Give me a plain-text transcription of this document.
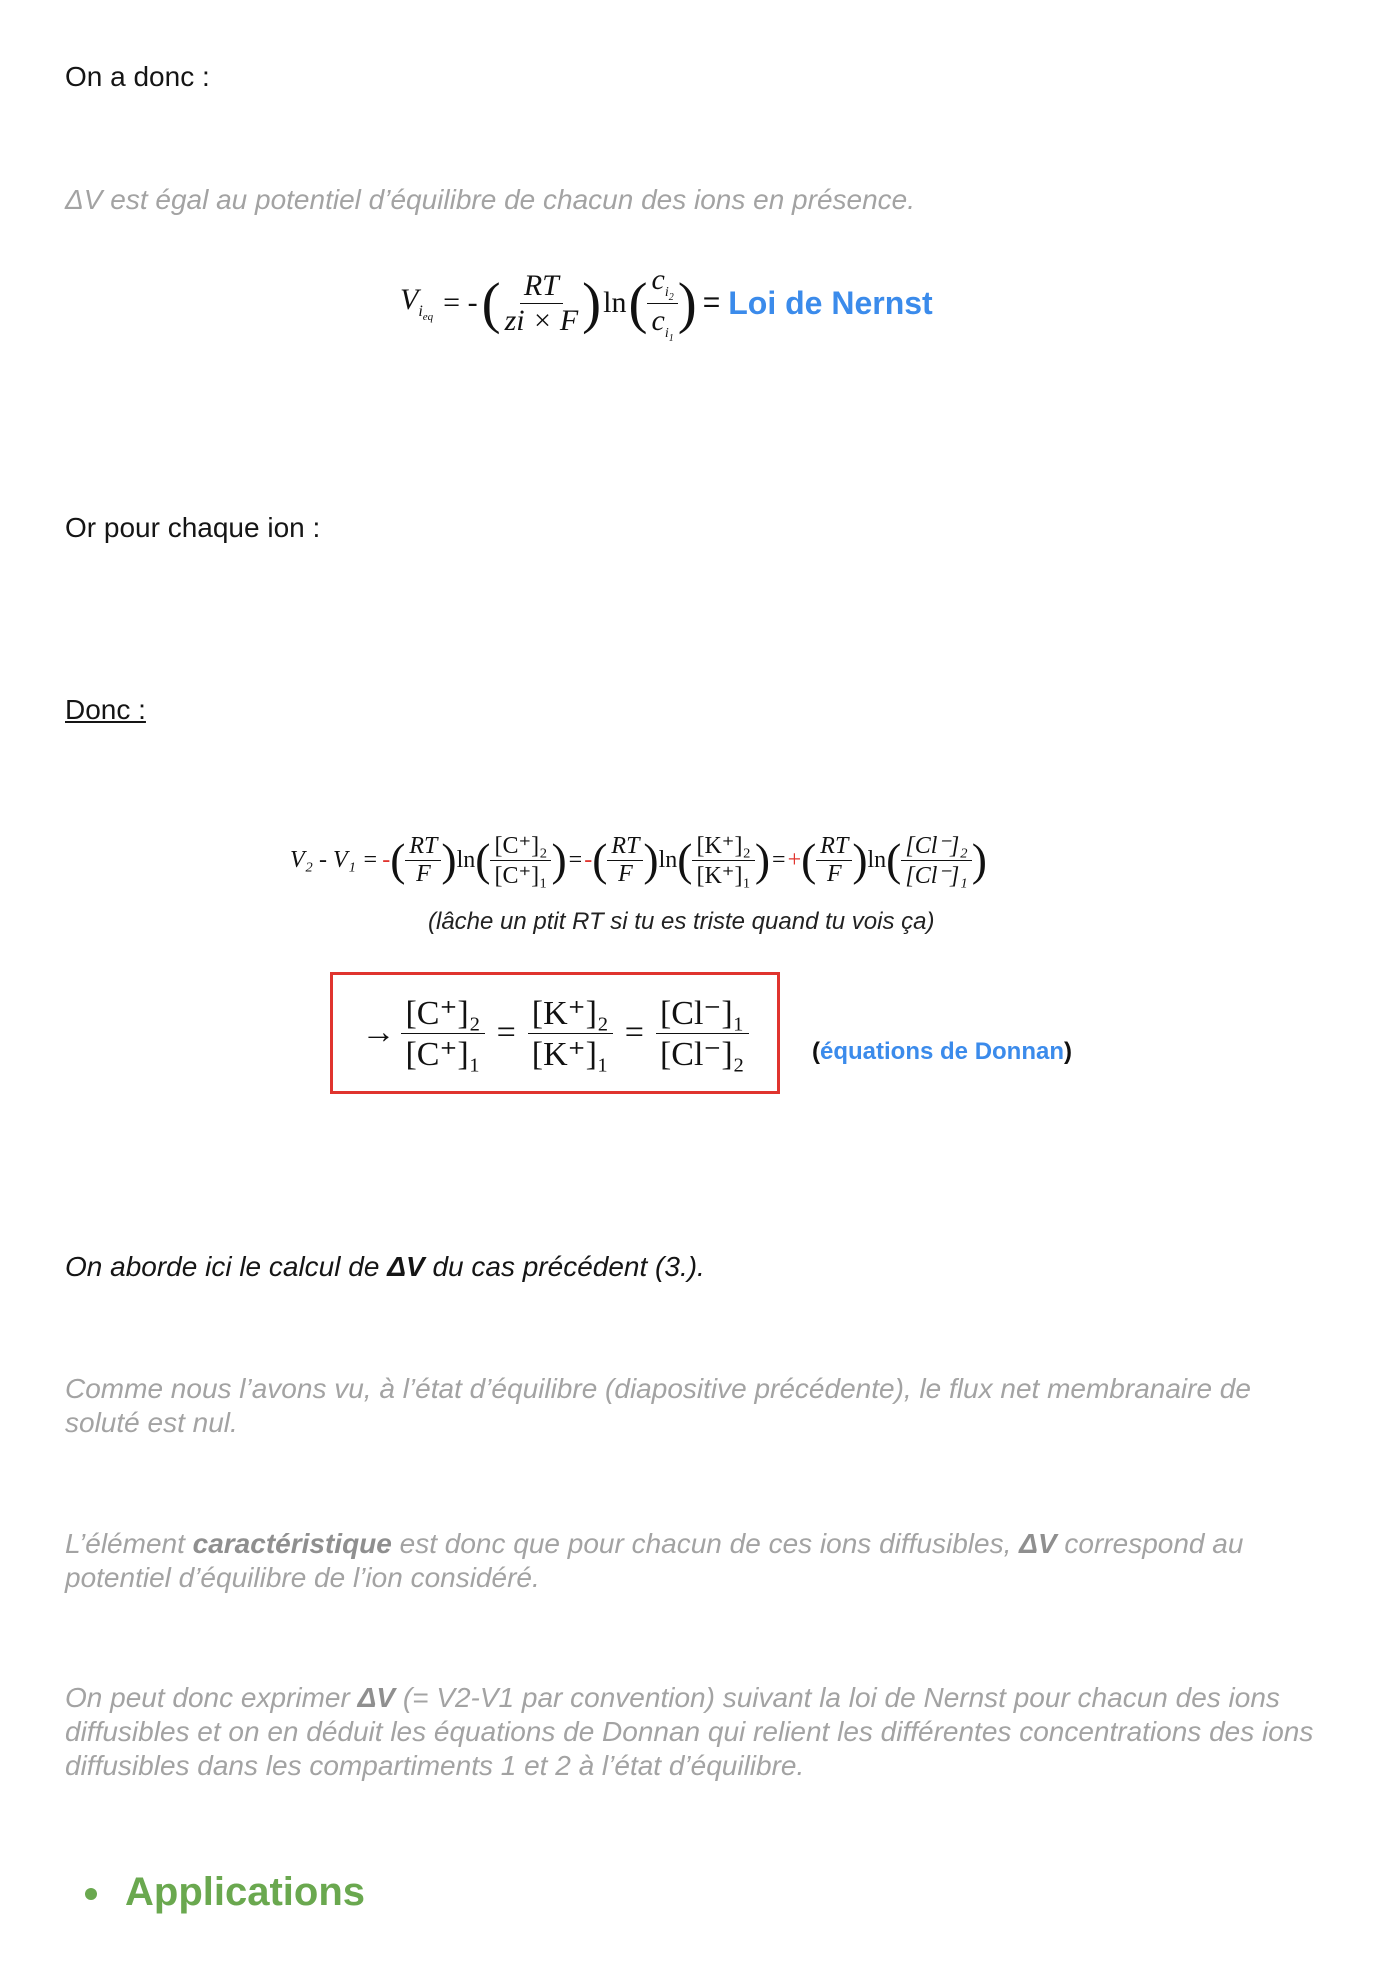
On a donc :

ΔV est égal au potentiel d’équilibre de chacun des ions en présence.

$V_{i_{eq}}$ = - ( $\frac{RT}{zi \times F}$ ) ln ( $\frac{c_{i_2}}{c_{i_1}}$ ) = Loi de Nernst

Or pour chaque ion :

Donc :

V₂ - V₁ = - ( $\frac{RT}{F}$ ) ln ( $\frac{\text{[C⁺]₂}}{\text{[C⁺]₁}}$ ) = - ( $\frac{RT}{F}$ ) ln ( $\frac{\text{[K⁺]₂}}{\text{[K⁺]₁}}$ ) = + ( $\frac{RT}{F}$ ) ln ( $\frac{\text{[Cl⁻]₂}}{\text{[Cl⁻]₁}}$ )
(lâche un ptit RT si tu es triste quand tu vois ça)
→ $\frac{\text{[C⁺]₂}}{\text{[C⁺]₁}} = \frac{\text{[K⁺]₂}}{\text{[K⁺]₁}} = \frac{\text{[Cl⁻]₁}}{\text{[Cl⁻]₂}}$	(équations de Donnan)

On aborde ici le calcul de ΔV du cas précédent (3.).

Comme nous l’avons vu, à l’état d’équilibre (diapositive précédente), le flux net membranaire de soluté est nul.

L’élément caractéristique est donc que pour chacun de ces ions diffusibles, ΔV correspond au potentiel d’équilibre de l’ion considéré.

On peut donc exprimer ΔV (= V2-V1 par convention) suivant la loi de Nernst pour chacun des ions diffusibles et on en déduit les équations de Donnan qui relient les différentes concentrations des ions diffusibles dans les compartiments 1 et 2 à l’état d’équilibre.

Applications
